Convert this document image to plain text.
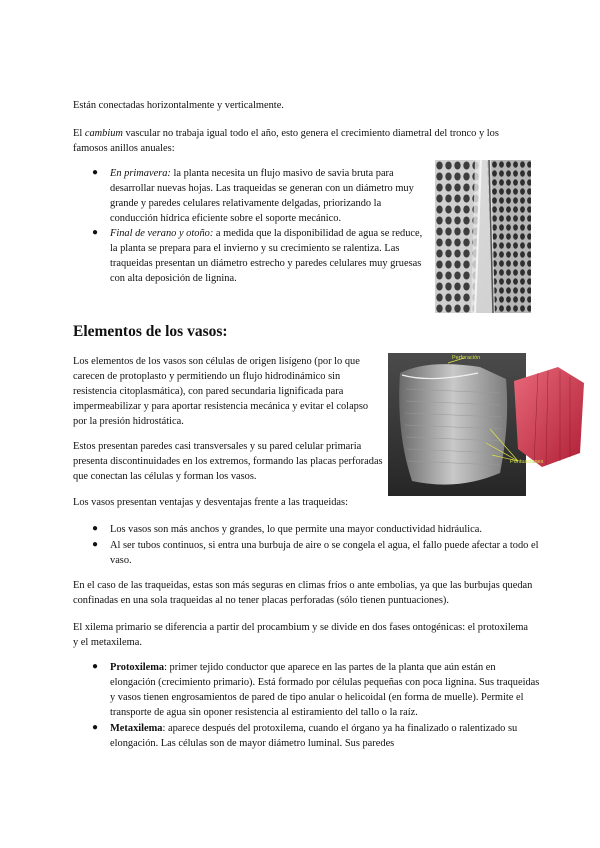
Están conectadas horizontalmente y verticalmente.

El cambium vascular no trabaja igual todo el año, esto genera el crecimiento diametral del tronco y los famosos anillos anuales:

● En primavera: la planta necesita un flujo masivo de savia bruta para desarrollar nuevas hojas. Las traqueidas se generan con un diámetro muy grande y paredes celulares relativamente delgadas, priorizando la conducción hídrica eficiente sobre el soporte mecánico.

● Final de verano y otoño: a medida que la disponibilidad de agua se reduce, la planta se prepara para el invierno y su crecimiento se ralentiza. Las traqueidas presentan un diámetro estrecho y paredes celulares muy gruesas con alta deposición de lignina.

Elementos de los vasos:

Los elementos de los vasos son células de origen lisígeno (por lo que carecen de protoplasto y permitiendo un flujo hidrodinámico sin resistencia citoplasmática), con pared secundaria lignificada para impermeabilizar y para aportar resistencia mecánica y evitar el colapso por la presión hidrostática.

Estos presentan paredes casi transversales y su pared celular primaria presenta discontinuidades en los extremos, formando las placas perforadas que conectan las células y forman los vasos.

Perforación
Puntuaciones

Los vasos presentan ventajas y desventajas frente a las traqueidas:

● Los vasos son más anchos y grandes, lo que permite una mayor conductividad hidráulica.

● Al ser tubos continuos, si entra una burbuja de aire o se congela el agua, el fallo puede afectar a todo el vaso.

En el caso de las traqueidas, estas son más seguras en climas fríos o ante embolias, ya que las burbujas quedan confinadas en una sola traqueidas al no tener placas perforadas (sólo tienen puntuaciones).

El xilema primario se diferencia a partir del procambium y se divide en dos fases ontogénicas: el protoxilema y el metaxilema.

● Protoxilema: primer tejido conductor que aparece en las partes de la planta que aún están en elongación (crecimiento primario). Está formado por células pequeñas con poca lignina. Sus traqueidas y vasos tienen engrosamientos de pared de tipo anular o helicoidal (en forma de muelle). Permite el transporte de agua sin oponer resistencia al estiramiento del tallo o la raíz.

● Metaxilema: aparece después del protoxilema, cuando el órgano ya ha finalizado o ralentizado su elongación. Las células son de mayor diámetro luminal. Sus paredes
